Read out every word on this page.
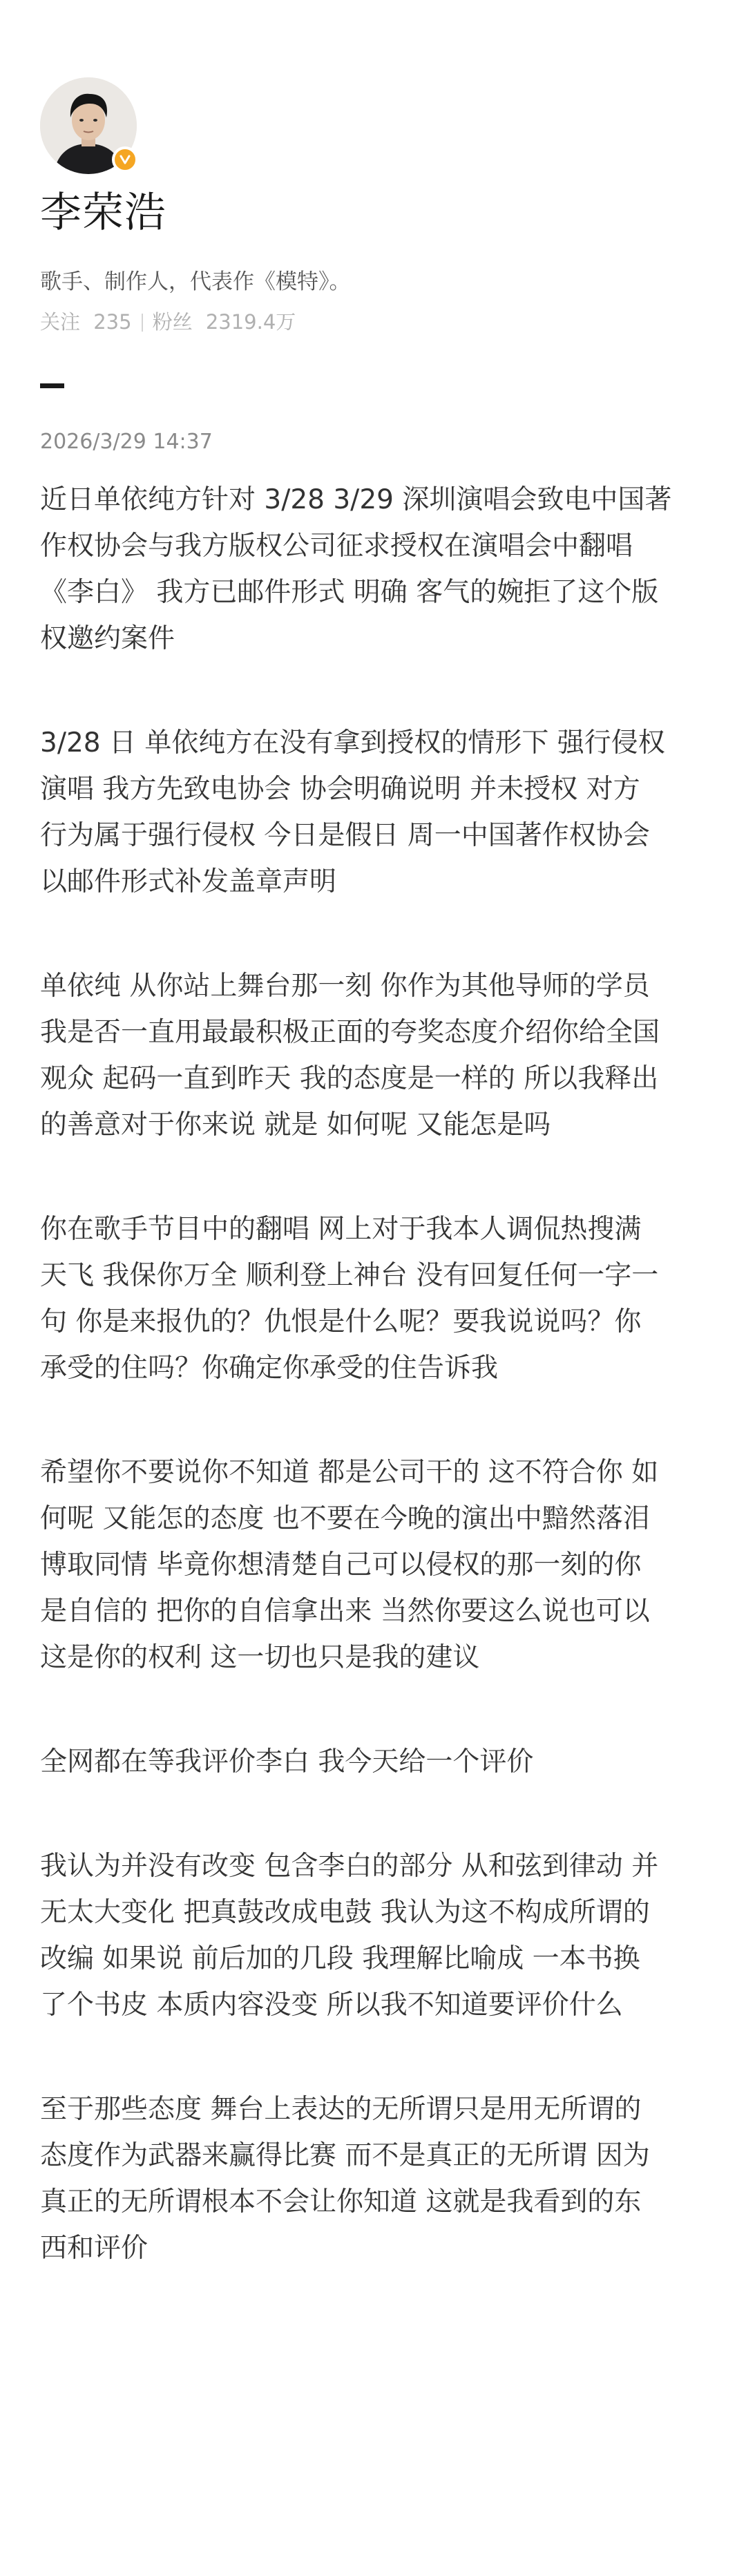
李荣浩
歌手、制作人，代表作《模特》。
关注 235 粉丝 2319.4万
2026/3/29 14:37
近日单依纯方针对 3/28 3/29 深圳演唱会致电中国著
作权协会与我方版权公司征求授权在演唱会中翻唱
《李白》 我方已邮件形式 明确 客气的婉拒了这个版
权邀约案件
3/28 日 单依纯方在没有拿到授权的情形下 强行侵权
演唱 我方先致电协会 协会明确说明 并未授权 对方
行为属于强行侵权 今日是假日 周一中国著作权协会
以邮件形式补发盖章声明
单依纯 从你站上舞台那一刻 你作为其他导师的学员
我是否一直用最最积极正面的夸奖态度介绍你给全国
观众 起码一直到昨天 我的态度是一样的 所以我释出
的善意对于你来说 就是 如何呢 又能怎是吗
你在歌手节目中的翻唱 网上对于我本人调侃热搜满
天飞 我保你万全 顺利登上神台 没有回复任何一字一
句 你是来报仇的？仇恨是什么呢？要我说说吗？你
承受的住吗？你确定你承受的住告诉我
希望你不要说你不知道 都是公司干的 这不符合你 如
何呢 又能怎的态度 也不要在今晚的演出中黯然落泪
博取同情 毕竟你想清楚自己可以侵权的那一刻的你
是自信的 把你的自信拿出来 当然你要这么说也可以
这是你的权利 这一切也只是我的建议
全网都在等我评价李白 我今天给一个评价
我认为并没有改变 包含李白的部分 从和弦到律动 并
无太大变化 把真鼓改成电鼓 我认为这不构成所谓的
改编 如果说 前后加的几段 我理解比喻成 一本书换
了个书皮 本质内容没变 所以我不知道要评价什么
至于那些态度 舞台上表达的无所谓只是用无所谓的
态度作为武器来赢得比赛 而不是真正的无所谓 因为
真正的无所谓根本不会让你知道 这就是我看到的东
西和评价
